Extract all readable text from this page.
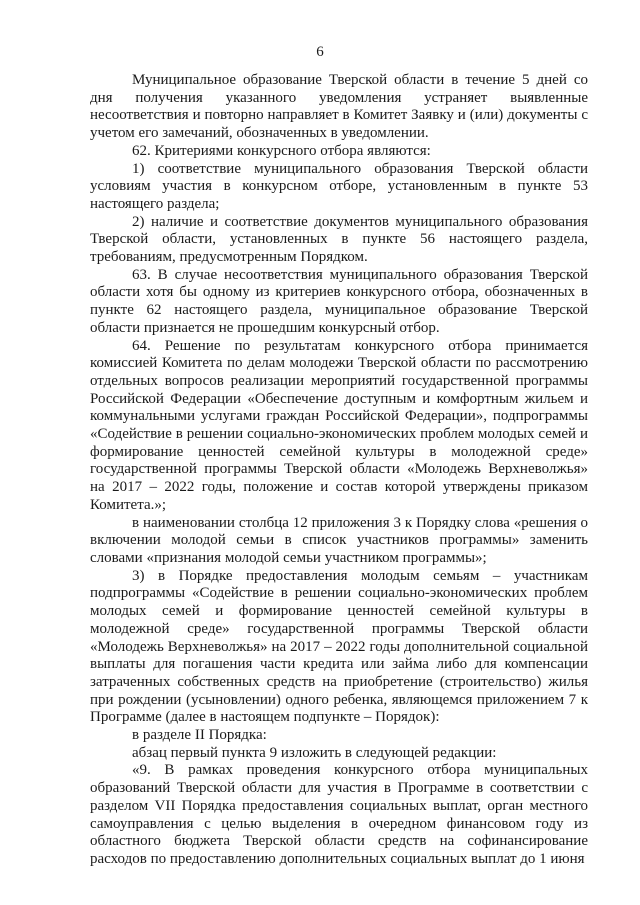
6

Муниципальное образование Тверской области в течение 5 дней со дня получения указанного уведомления устраняет выявленные несоответствия и повторно направляет в Комитет Заявку и (или) документы с учетом его замечаний, обозначенных в уведомлении.

62. Критериями конкурсного отбора являются:

1) соответствие муниципального образования Тверской области условиям участия в конкурсном отборе, установленным в пункте 53 настоящего раздела;

2) наличие и соответствие документов муниципального образования Тверской области, установленных в пункте 56 настоящего раздела, требованиям, предусмотренным Порядком.

63. В случае несоответствия муниципального образования Тверской области хотя бы одному из критериев конкурсного отбора, обозначенных в пункте 62 настоящего раздела, муниципальное образование Тверской области признается не прошедшим конкурсный отбор.

64. Решение по результатам конкурсного отбора принимается комиссией Комитета по делам молодежи Тверской области по рассмотрению отдельных вопросов реализации мероприятий государственной программы Российской Федерации «Обеспечение доступным и комфортным жильем и коммунальными услугами граждан Российской Федерации», подпрограммы «Содействие в решении социально-экономических проблем молодых семей и формирование ценностей семейной культуры в молодежной среде» государственной программы Тверской области «Молодежь Верхневолжья» на 2017 – 2022 годы, положение и состав которой утверждены приказом Комитета.»;

в наименовании столбца 12 приложения 3 к Порядку слова «решения о включении молодой семьи в список участников программы» заменить словами «признания молодой семьи участником программы»;

3) в Порядке предоставления молодым семьям – участникам подпрограммы «Содействие в решении социально-экономических проблем молодых семей и формирование ценностей семейной культуры в молодежной среде» государственной программы Тверской области «Молодежь Верхневолжья» на 2017 – 2022 годы дополнительной социальной выплаты для погашения части кредита или займа либо для компенсации затраченных собственных средств на приобретение (строительство) жилья при рождении (усыновлении) одного ребенка, являющемся приложением 7 к Программе (далее в настоящем подпункте – Порядок):

в разделе II Порядка:

абзац первый пункта 9 изложить в следующей редакции:

«9. В рамках проведения конкурсного отбора муниципальных образований Тверской области для участия в Программе в соответствии с разделом VII Порядка предоставления социальных выплат, орган местного самоуправления с целью выделения в очередном финансовом году из областного бюджета Тверской области средств на софинансирование расходов по предоставлению дополнительных социальных выплат до 1 июня
